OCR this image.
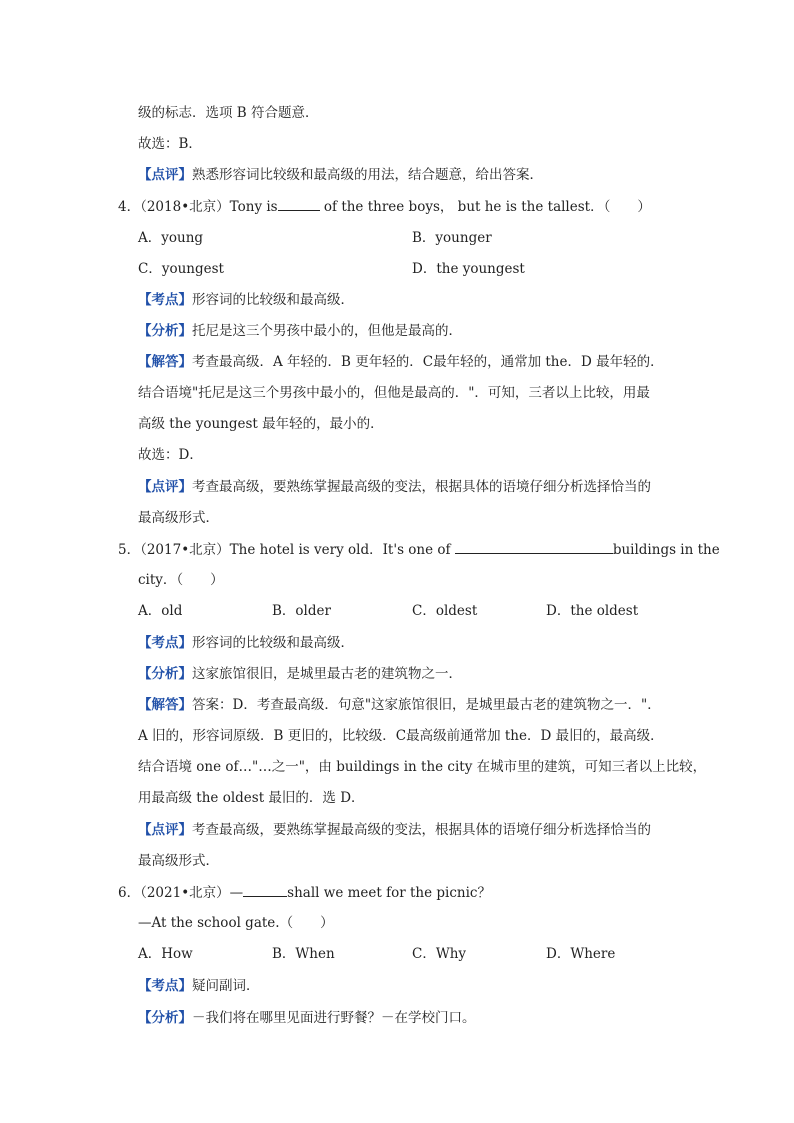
级的标志．选项 B 符合题意．
故选：B．
【点评】熟悉形容词比较级和最高级的用法，结合题意，给出答案．
4．（2018•北京）Tony is	of the three boys， but he is the tallest．（　　）
A．young	B．younger
C．youngest	D．the youngest
【考点】形容词的比较级和最高级．
【分析】托尼是这三个男孩中最小的，但他是最高的．
【解答】考查最高级．A 年轻的．B 更年轻的．C最年轻的，通常加 the．D 最年轻的．
结合语境"托尼是这三个男孩中最小的，但他是最高的．"．可知，三者以上比较，用最
高级 the youngest 最年轻的，最小的．
故选：D．
【点评】考查最高级，要熟练掌握最高级的变法，根据具体的语境仔细分析选择恰当的
最高级形式．
5．（2017•北京）The hotel is very old．It's one of	buildings in the
city．（　　）
A．old	B．older	C．oldest	D．the oldest
【考点】形容词的比较级和最高级．
【分析】这家旅馆很旧，是城里最古老的建筑物之一．
【解答】答案：D．考查最高级．句意"这家旅馆很旧，是城里最古老的建筑物之一．"．
A 旧的，形容词原级．B 更旧的，比较级．C最高级前通常加 the．D 最旧的，最高级．
结合语境 one of…"…之一"，由 buildings in the city 在城市里的建筑，可知三者以上比较，
用最高级 the oldest 最旧的．选 D．
【点评】考查最高级，要熟练掌握最高级的变法，根据具体的语境仔细分析选择恰当的
最高级形式．
6．（2021•北京）—	shall we meet for the picnic？
—At the school gate.（　　）
A．How	B．When	C．Why	D．Where
【考点】疑问副词．
【分析】－我们将在哪里见面进行野餐？－在学校门口。
